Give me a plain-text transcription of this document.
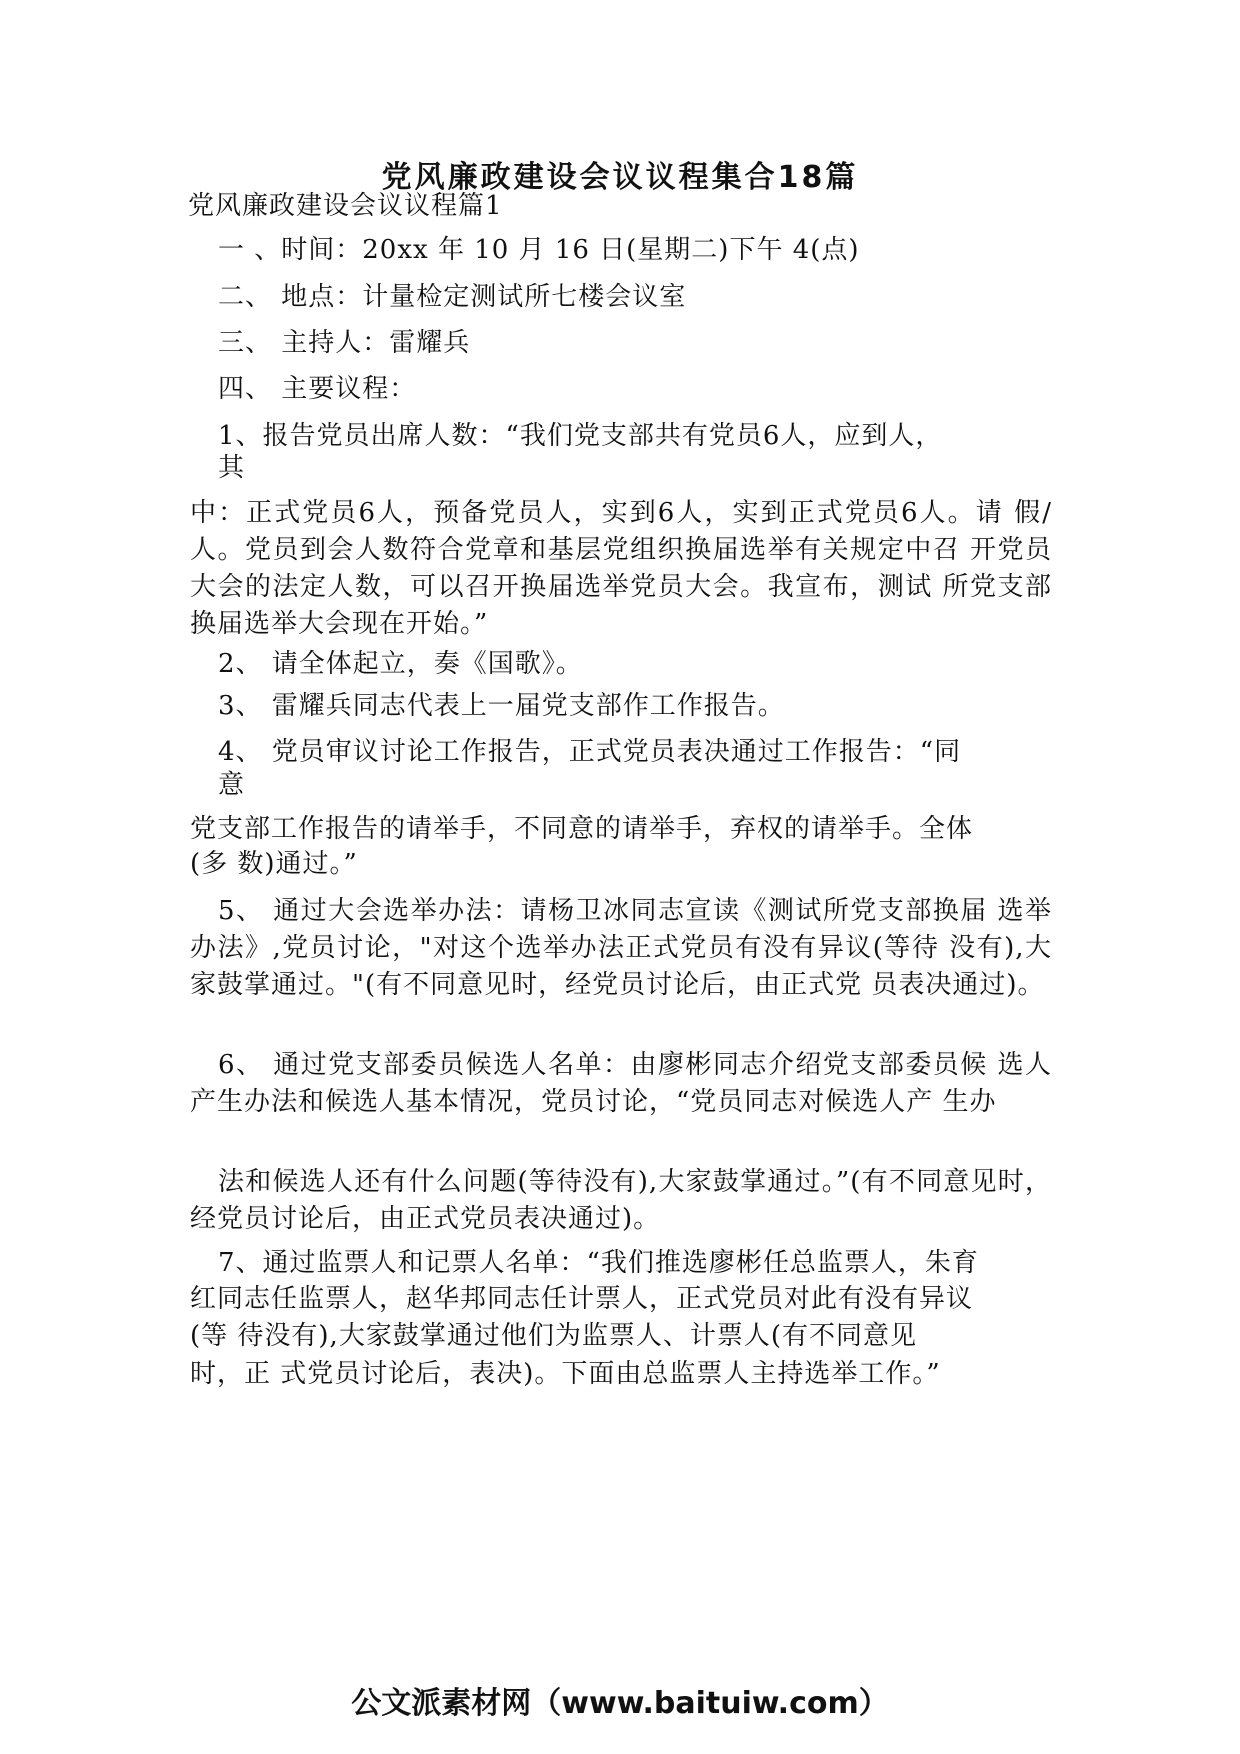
党风廉政建设会议议程集合18篇
党风廉政建设会议议程篇1
一 、时间：20xx 年 10 月 16 日(星期二)下午 4(点)
二、 地点：计量检定测试所七楼会议室
三、 主持人：雷耀兵
四、 主要议程：
1、报告党员出席人数：“我们党支部共有党员6人，应到人，
其
中：正式党员6人，预备党员人，实到6人，实到正式党员6人。请 假/人。党员到会人数符合党章和基层党组织换届选举有关规定中召 开党员大会的法定人数，可以召开换届选举党员大会。我宣布，测试 所党支部换届选举大会现在开始。”
2、 请全体起立，奏《国歌》。
3、 雷耀兵同志代表上一届党支部作工作报告。
4、 党员审议讨论工作报告，正式党员表决通过工作报告：“同
意
党支部工作报告的请举手，不同意的请举手，弃权的请举手。全体
(多 数)通过。”
5、 通过大会选举办法：请杨卫冰同志宣读《测试所党支部换届 选举办法》,党员讨论，"对这个选举办法正式党员有没有异议(等待 没有),大家鼓掌通过。"(有不同意见时，经党员讨论后，由正式党 员表决通过)。
6、 通过党支部委员候选人名单：由廖彬同志介绍党支部委员候 选人产生办法和候选人基本情况，党员讨论，“党员同志对候选人产 生办
法和候选人还有什么问题(等待没有),大家鼓掌通过。”(有不同意见时，经党员讨论后，由正式党员表决通过)。
7、通过监票人和记票人名单：“我们推选廖彬任总监票人，朱育
红同志任监票人，赵华邦同志任计票人，正式党员对此有没有异议
(等 待没有),大家鼓掌通过他们为监票人、计票人(有不同意见
时，正 式党员讨论后，表决)。下面由总监票人主持选举工作。”
公文派素材网（www.baituiw.com）
